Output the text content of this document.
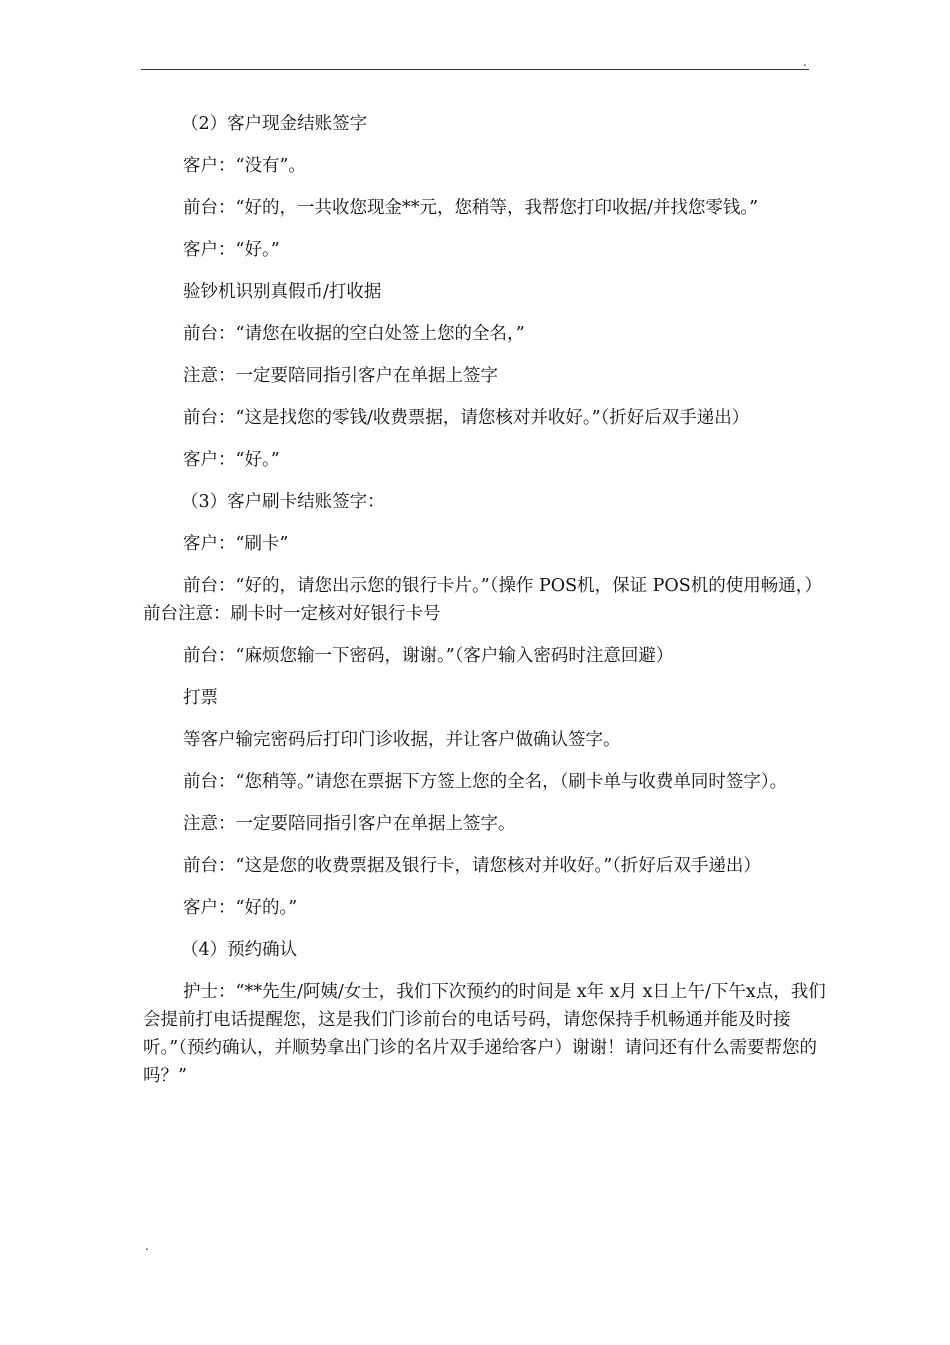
.

（2）客户现金结账签字

客户：“没有”。

前台：“好的，一共收您现金**元，您稍等，我帮您打印收据/并找您零钱。”

客户：“好。”

验钞机识别真假币/打收据

前台：“请您在收据的空白处签上您的全名，”

注意：一定要陪同指引客户在单据上签字

前台：“这是找您的零钱/收费票据，请您核对并收好。”（折好后双手递出）

客户：“好。”

（3）客户刷卡结账签字：

客户：“刷卡”

前台：“好的，请您出示您的银行卡片。”（操作 POS机，保证 POS机的使用畅通，）前台注意：刷卡时一定核对好银行卡号

前台：“麻烦您输一下密码，谢谢。”（客户输入密码时注意回避）

打票

等客户输完密码后打印门诊收据，并让客户做确认签字。

前台：“您稍等。”请您在票据下方签上您的全名，（刷卡单与收费单同时签字）。

注意：一定要陪同指引客户在单据上签字。

前台：“这是您的收费票据及银行卡，请您核对并收好。”（折好后双手递出）

客户：“好的。”

（4）预约确认

护士：“**先生/阿姨/女士，我们下次预约的时间是 x年 x月 x日上午/下午x点，我们会提前打电话提醒您，这是我们门诊前台的电话号码，请您保持手机畅通并能及时接听。”（预约确认，并顺势拿出门诊的名片双手递给客户）谢谢！请问还有什么需要帮您的吗？”

.
